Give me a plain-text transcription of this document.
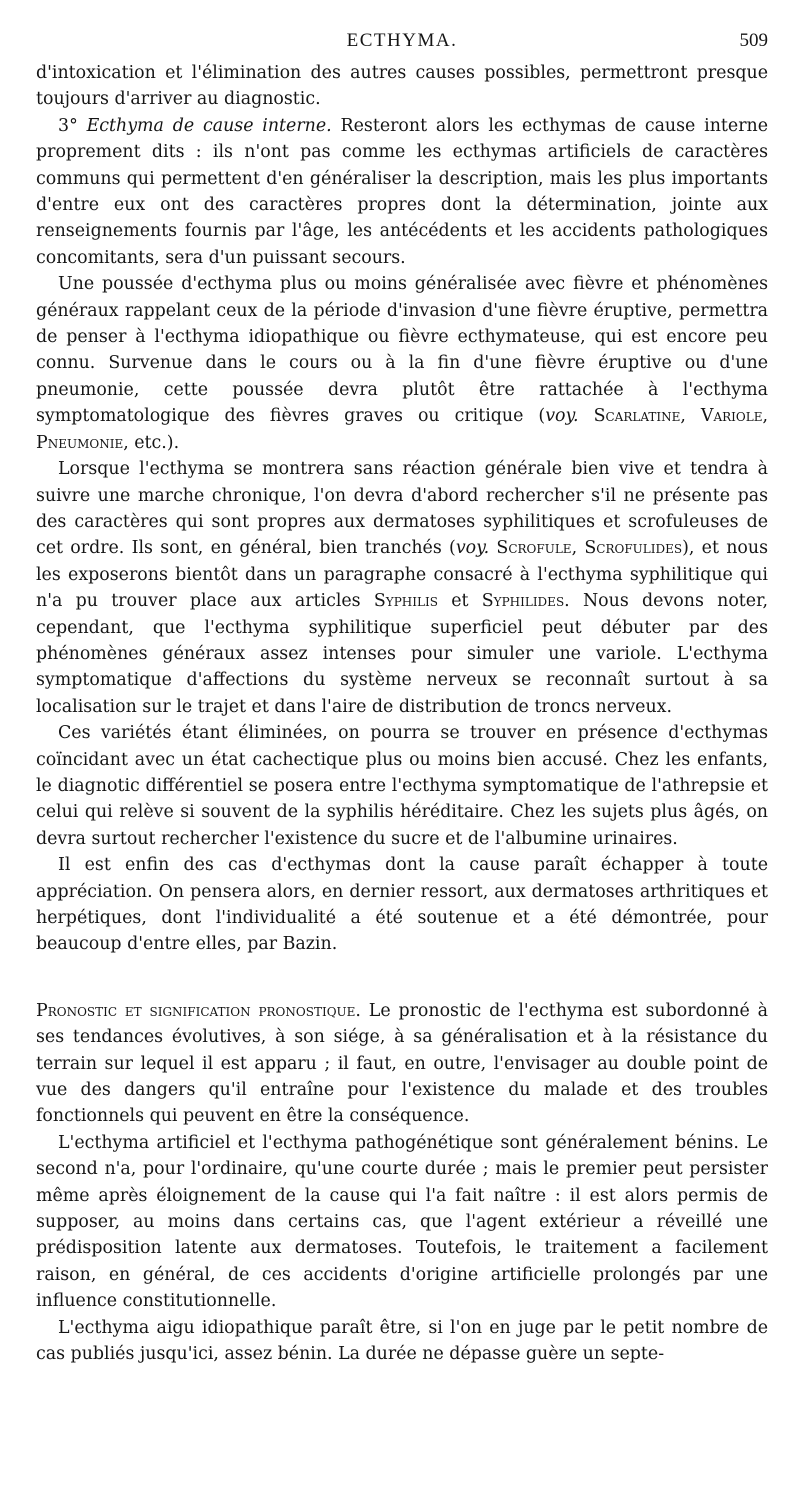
ECTHYMA.	509

d'intoxication et l'élimination des autres causes possibles, permettront presque toujours d'arriver au diagnostic.

3° Ecthyma de cause interne. Resteront alors les ecthymas de cause interne proprement dits : ils n'ont pas comme les ecthymas artificiels de caractères communs qui permettent d'en généraliser la description, mais les plus importants d'entre eux ont des caractères propres dont la détermination, jointe aux renseignements fournis par l'âge, les antécédents et les accidents pathologiques concomitants, sera d'un puissant secours.

Une poussée d'ecthyma plus ou moins généralisée avec fièvre et phénomènes généraux rappelant ceux de la période d'invasion d'une fièvre éruptive, permettra de penser à l'ecthyma idiopathique ou fièvre ecthymateuse, qui est encore peu connu. Survenue dans le cours ou à la fin d'une fièvre éruptive ou d'une pneumonie, cette poussée devra plutôt être rattachée à l'ecthyma symptomatologique des fièvres graves ou critique (voy. Scarlatine, Variole, Pneumonie, etc.).

Lorsque l'ecthyma se montrera sans réaction générale bien vive et tendra à suivre une marche chronique, l'on devra d'abord rechercher s'il ne présente pas des caractères qui sont propres aux dermatoses syphilitiques et scrofuleuses de cet ordre. Ils sont, en général, bien tranchés (voy. Scrofule, Scrofulides), et nous les exposerons bientôt dans un paragraphe consacré à l'ecthyma syphilitique qui n'a pu trouver place aux articles Syphilis et Syphilides. Nous devons noter, cependant, que l'ecthyma syphilitique superficiel peut débuter par des phénomènes généraux assez intenses pour simuler une variole. L'ecthyma symptomatique d'affections du système nerveux se reconnaît surtout à sa localisation sur le trajet et dans l'aire de distribution de troncs nerveux.

Ces variétés étant éliminées, on pourra se trouver en présence d'ecthymas coïncidant avec un état cachectique plus ou moins bien accusé. Chez les enfants, le diagnotic différentiel se posera entre l'ecthyma symptomatique de l'athrepsie et celui qui relève si souvent de la syphilis héréditaire. Chez les sujets plus âgés, on devra surtout rechercher l'existence du sucre et de l'albumine urinaires.

Il est enfin des cas d'ecthymas dont la cause paraît échapper à toute appréciation. On pensera alors, en dernier ressort, aux dermatoses arthritiques et herpétiques, dont l'individualité a été soutenue et a été démontrée, pour beaucoup d'entre elles, par Bazin.

Pronostic et signification pronostique. Le pronostic de l'ecthyma est subordonné à ses tendances évolutives, à son siége, à sa généralisation et à la résistance du terrain sur lequel il est apparu ; il faut, en outre, l'envisager au double point de vue des dangers qu'il entraîne pour l'existence du malade et des troubles fonctionnels qui peuvent en être la conséquence.

L'ecthyma artificiel et l'ecthyma pathogénétique sont généralement bénins. Le second n'a, pour l'ordinaire, qu'une courte durée ; mais le premier peut persister même après éloignement de la cause qui l'a fait naître : il est alors permis de supposer, au moins dans certains cas, que l'agent extérieur a réveillé une prédisposition latente aux dermatoses. Toutefois, le traitement a facilement raison, en général, de ces accidents d'origine artificielle prolongés par une influence constitutionnelle.

L'ecthyma aigu idiopathique paraît être, si l'on en juge par le petit nombre de cas publiés jusqu'ici, assez bénin. La durée ne dépasse guère un septe-
